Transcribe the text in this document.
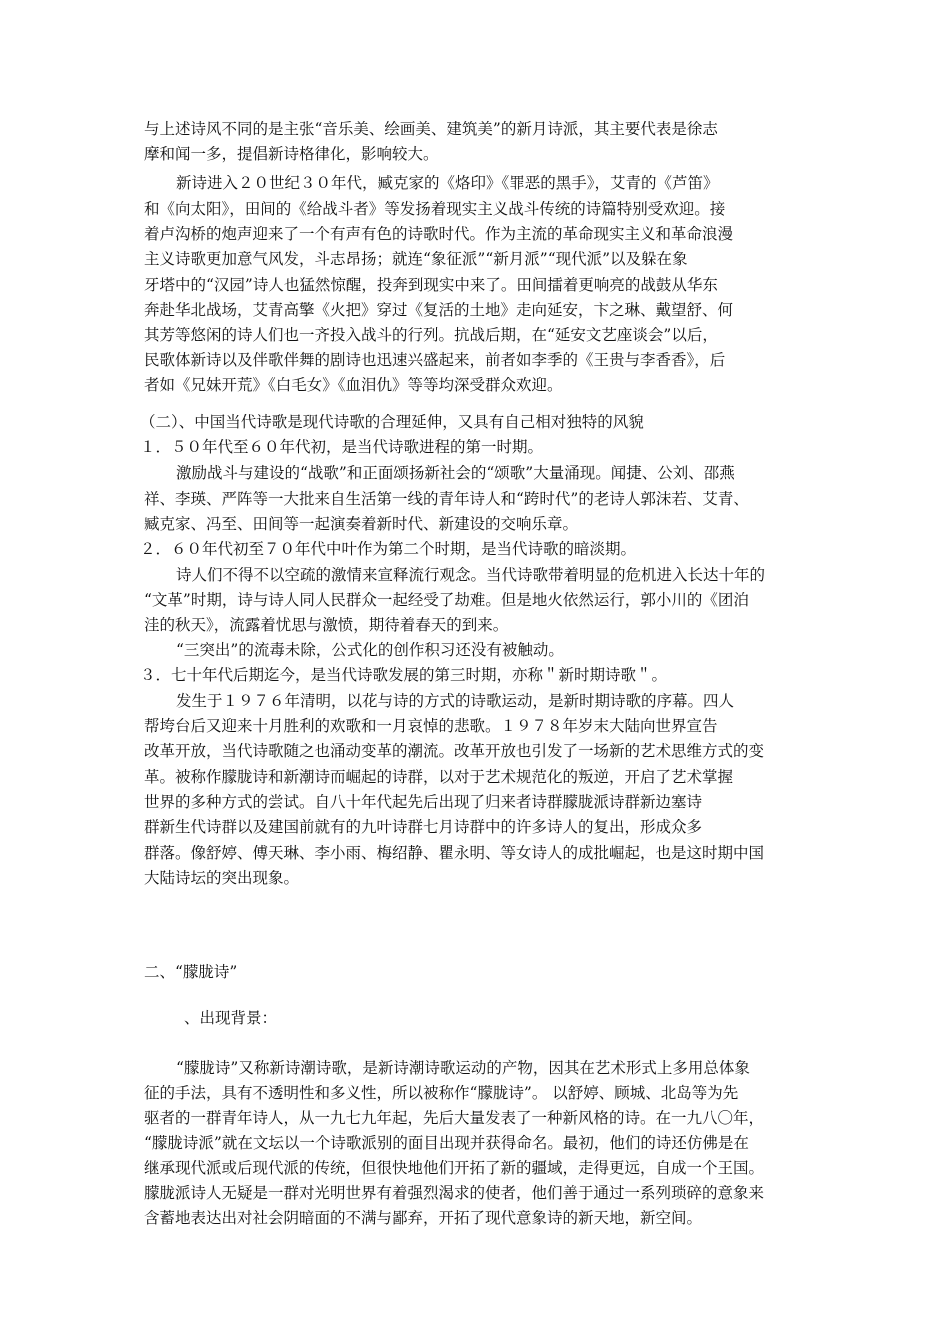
与上述诗风不同的是主张“音乐美、绘画美、建筑美”的新月诗派，其主要代表是徐志
摩和闻一多，提倡新诗格律化，影响较大。
新诗进入２０世纪３０年代，臧克家的《烙印》《罪恶的黑手》，艾青的《芦笛》
和《向太阳》，田间的《给战斗者》等发扬着现实主义战斗传统的诗篇特别受欢迎。接
着卢沟桥的炮声迎来了一个有声有色的诗歌时代。作为主流的革命现实主义和革命浪漫
主义诗歌更加意气风发，斗志昂扬；就连“象征派”“新月派”“现代派”以及躲在象
牙塔中的“汉园”诗人也猛然惊醒，投奔到现实中来了。田间擂着更响亮的战鼓从华东
奔赴华北战场，艾青高擎《火把》穿过《复活的土地》走向延安，卞之琳、戴望舒、何
其芳等悠闲的诗人们也一齐投入战斗的行列。抗战后期，在“延安文艺座谈会”以后，
民歌体新诗以及伴歌伴舞的剧诗也迅速兴盛起来，前者如李季的《王贵与李香香》，后
者如《兄妹开荒》《白毛女》《血泪仇》等等均深受群众欢迎。
（二）、中国当代诗歌是现代诗歌的合理延伸，又具有自己相对独特的风貌
１．５０年代至６０年代初，是当代诗歌进程的第一时期。
激励战斗与建设的“战歌”和正面颂扬新社会的“颂歌”大量涌现。闻捷、公刘、邵燕
祥、李瑛、严阵等一大批来自生活第一线的青年诗人和“跨时代”的老诗人郭沫若、艾青、
臧克家、冯至、田间等一起演奏着新时代、新建设的交响乐章。
２．６０年代初至７０年代中叶作为第二个时期，是当代诗歌的暗淡期。
诗人们不得不以空疏的激情来宣释流行观念。当代诗歌带着明显的危机进入长达十年的
“文革”时期，诗与诗人同人民群众一起经受了劫难。但是地火依然运行，郭小川的《团泊
洼的秋天》，流露着忧思与激愤，期待着春天的到来。
“三突出”的流毒未除，公式化的创作积习还没有被触动。
３．七十年代后期迄今，是当代诗歌发展的第三时期，亦称＂新时期诗歌＂。
发生于１９７６年清明，以花与诗的方式的诗歌运动，是新时期诗歌的序幕。四人
帮垮台后又迎来十月胜利的欢歌和一月哀悼的悲歌。１９７８年岁末大陆向世界宣告
改革开放，当代诗歌随之也涌动变革的潮流。改革开放也引发了一场新的艺术思维方式的变
革。被称作朦胧诗和新潮诗而崛起的诗群，以对于艺术规范化的叛逆，开启了艺术掌握
世界的多种方式的尝试。自八十年代起先后出现了归来者诗群朦胧派诗群新边塞诗
群新生代诗群以及建国前就有的九叶诗群七月诗群中的许多诗人的复出，形成众多
群落。像舒婷、傅天琳、李小雨、梅绍静、瞿永明、等女诗人的成批崛起，也是这时期中国
大陆诗坛的突出现象。
二、“朦胧诗”
、出现背景：
“朦胧诗”又称新诗潮诗歌，是新诗潮诗歌运动的产物，因其在艺术形式上多用总体象
征的手法，具有不透明性和多义性，所以被称作“朦胧诗”。 以舒婷、顾城、北岛等为先
驱者的一群青年诗人，从一九七九年起，先后大量发表了一种新风格的诗。在一九八〇年，
“朦胧诗派”就在文坛以一个诗歌派别的面目出现并获得命名。最初，他们的诗还仿佛是在
继承现代派或后现代派的传统，但很快地他们开拓了新的疆域，走得更远，自成一个王国。
朦胧派诗人无疑是一群对光明世界有着强烈渴求的使者，他们善于通过一系列琐碎的意象来
含蓄地表达出对社会阴暗面的不满与鄙弃，开拓了现代意象诗的新天地，新空间。
